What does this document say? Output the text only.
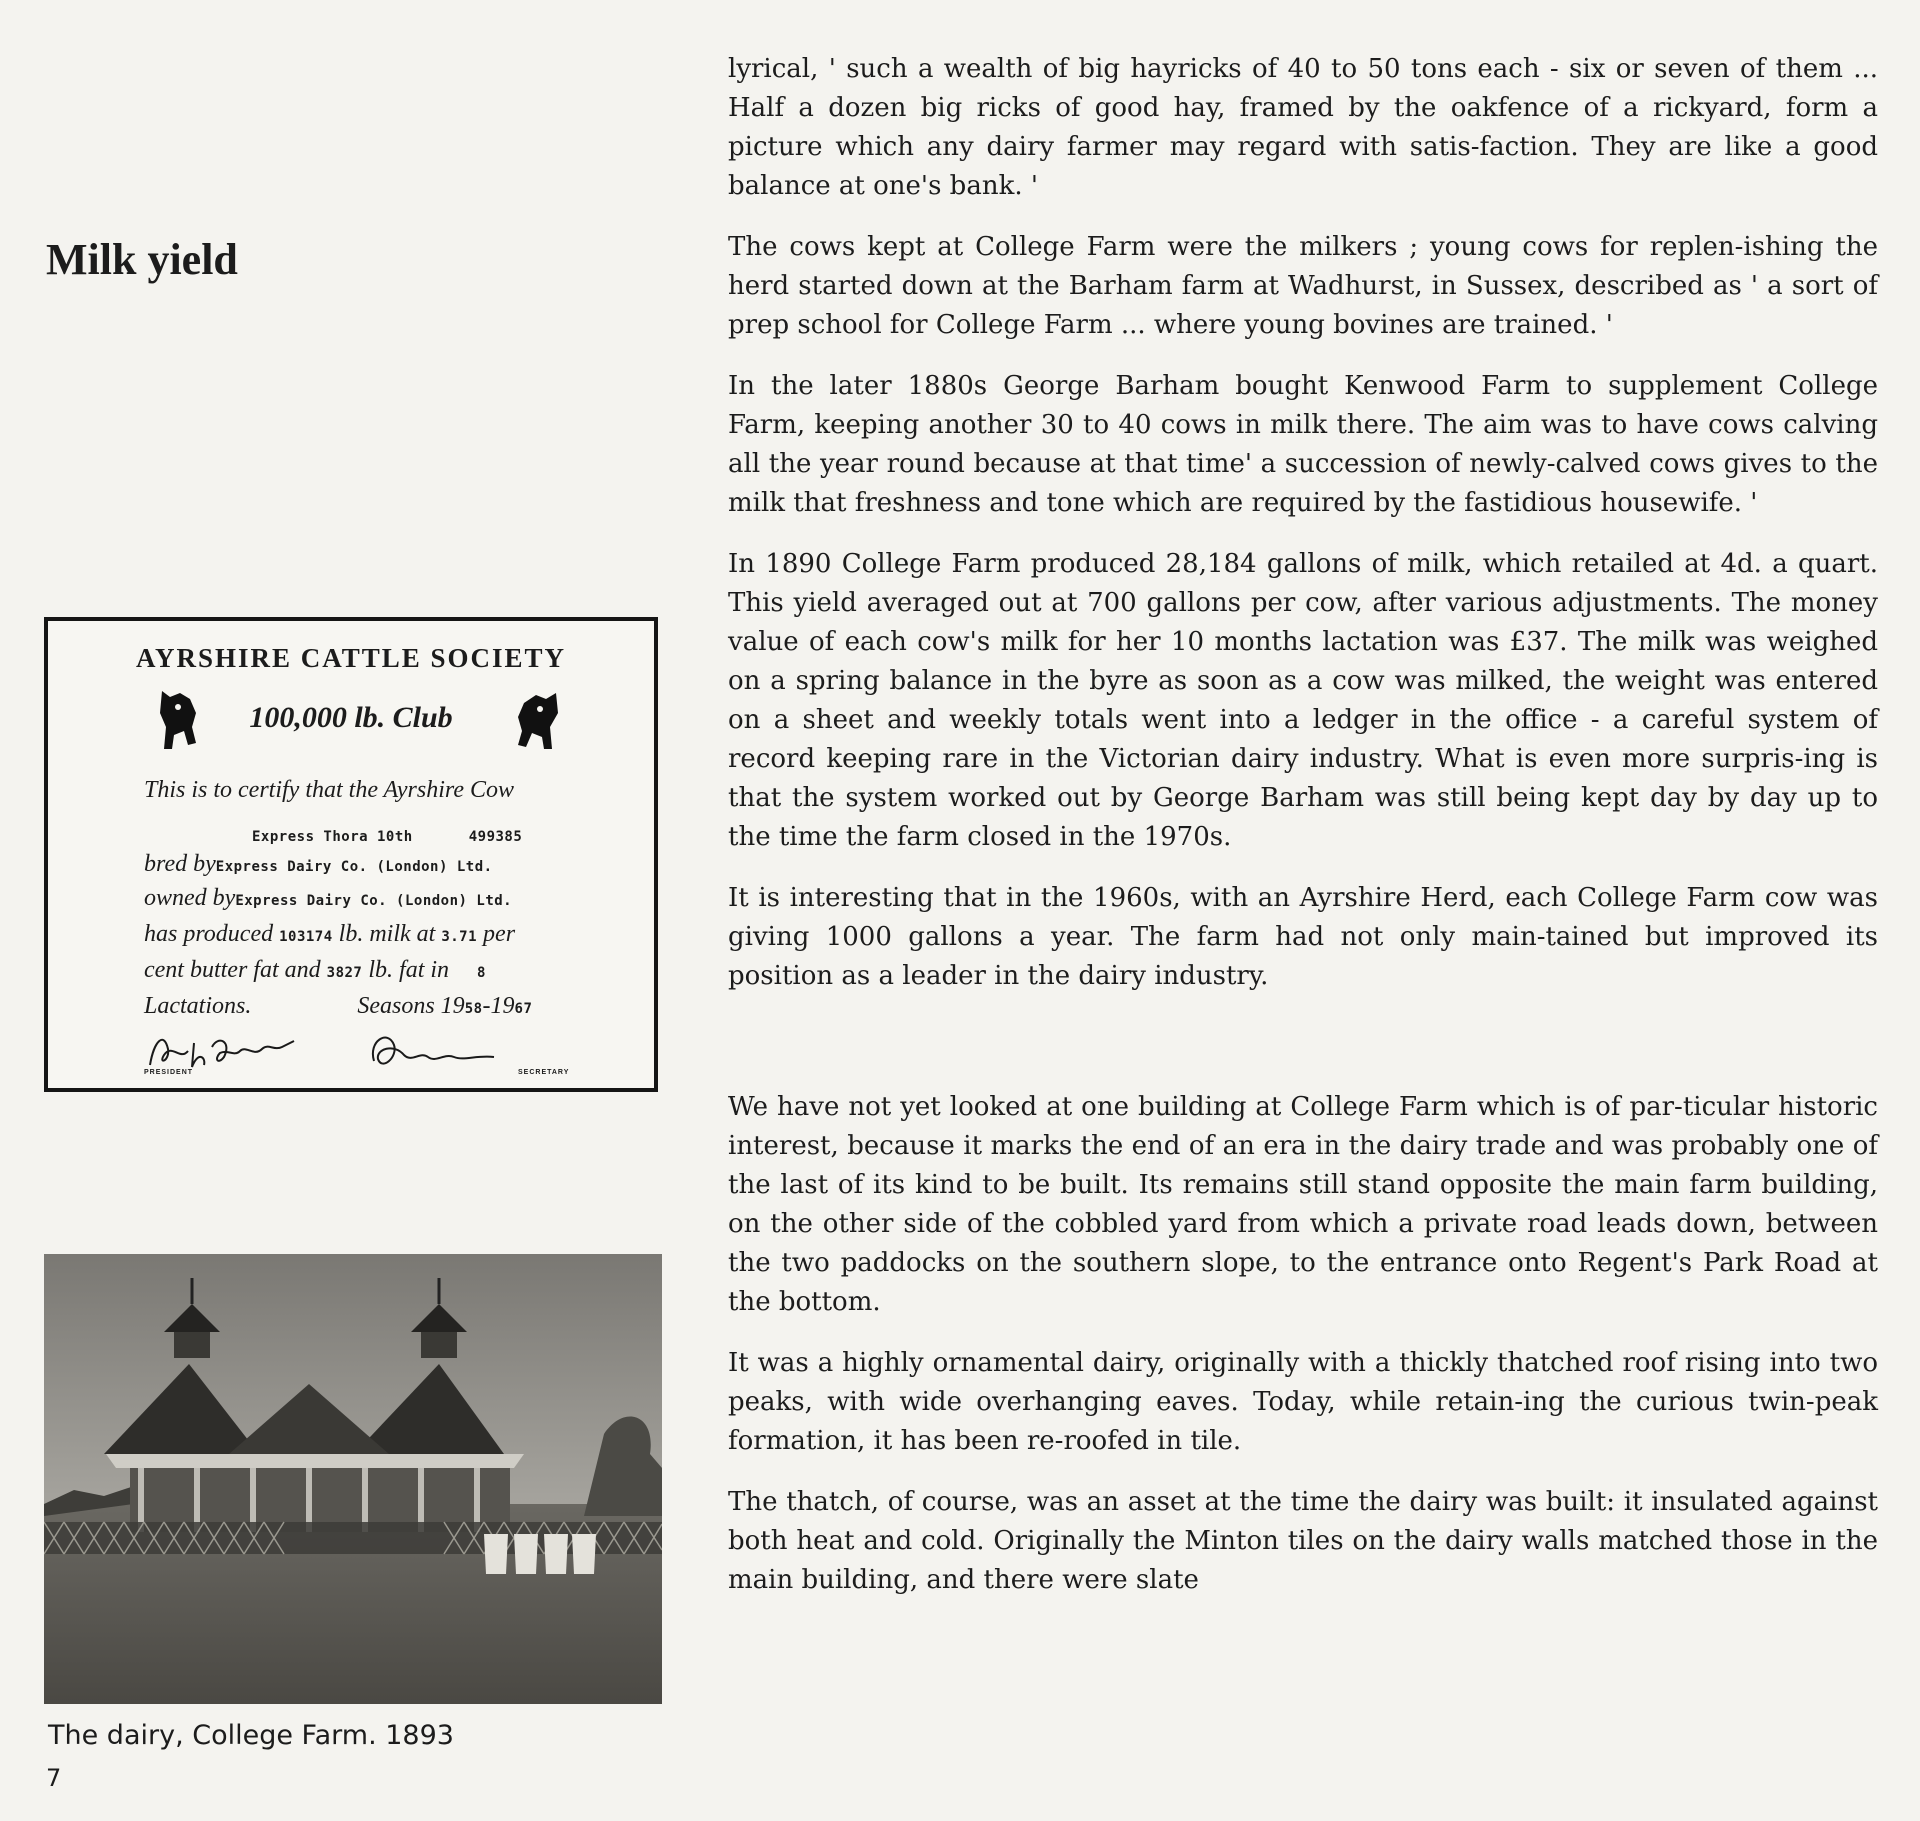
Milk yield

lyrical, ' such a wealth of big hayricks of 40 to 50 tons each - six or seven of them ... Half a dozen big ricks of good hay, framed by the oakfence of a rickyard, form a picture which any dairy farmer may regard with satis-faction. They are like a good balance at one's bank. '

The cows kept at College Farm were the milkers ; young cows for replen-ishing the herd started down at the Barham farm at Wadhurst, in Sussex, described as ' a sort of prep school for College Farm ... where young bovines are trained. '

In the later 1880s George Barham bought Kenwood Farm to supplement College Farm, keeping another 30 to 40 cows in milk there. The aim was to have cows calving all the year round because at that time' a succession of newly-calved cows gives to the milk that freshness and tone which are required by the fastidious housewife. '

In 1890 College Farm produced 28,184 gallons of milk, which retailed at 4d. a quart. This yield averaged out at 700 gallons per cow, after various adjustments. The money value of each cow's milk for her 10 months lactation was £37. The milk was weighed on a spring balance in the byre as soon as a cow was milked, the weight was entered on a sheet and weekly totals went into a ledger in the office - a careful system of record keeping rare in the Victorian dairy industry. What is even more surpris-ing is that the system worked out by George Barham was still being kept day by day up to the time the farm closed in the 1970s.

It is interesting that in the 1960s, with an Ayrshire Herd, each College Farm cow was giving 1000 gallons a year. The farm had not only main-tained but improved its position as a leader in the dairy industry.

We have not yet looked at one building at College Farm which is of par-ticular historic interest, because it marks the end of an era in the dairy trade and was probably one of the last of its kind to be built. Its remains still stand opposite the main farm building, on the other side of the cobbled yard from which a private road leads down, between the two paddocks on the southern slope, to the entrance onto Regent's Park Road at the bottom.

It was a highly ornamental dairy, originally with a thickly thatched roof rising into two peaks, with wide overhanging eaves. Today, while retain-ing the curious twin-peak formation, it has been re-roofed in tile.

The thatch, of course, was an asset at the time the dairy was built: it insulated against both heat and cold. Originally the Minton tiles on the dairy walls matched those in the main building, and there were slate

AYRSHIRE CATTLE SOCIETY
100,000 lb. Club
This is to certify that the Ayrshire Cow
Express Thora 10th	499385
bred byExpress Dairy Co. (London) Ltd.
owned byExpress Dairy Co. (London) Ltd.
has produced 103174 lb. milk at 3.71 per
cent butter fat and 3827 lb. fat in 8
Lactations.	Seasons 1958-1967
PRESIDENT	SECRETARY
The dairy, College Farm. 1893
7
